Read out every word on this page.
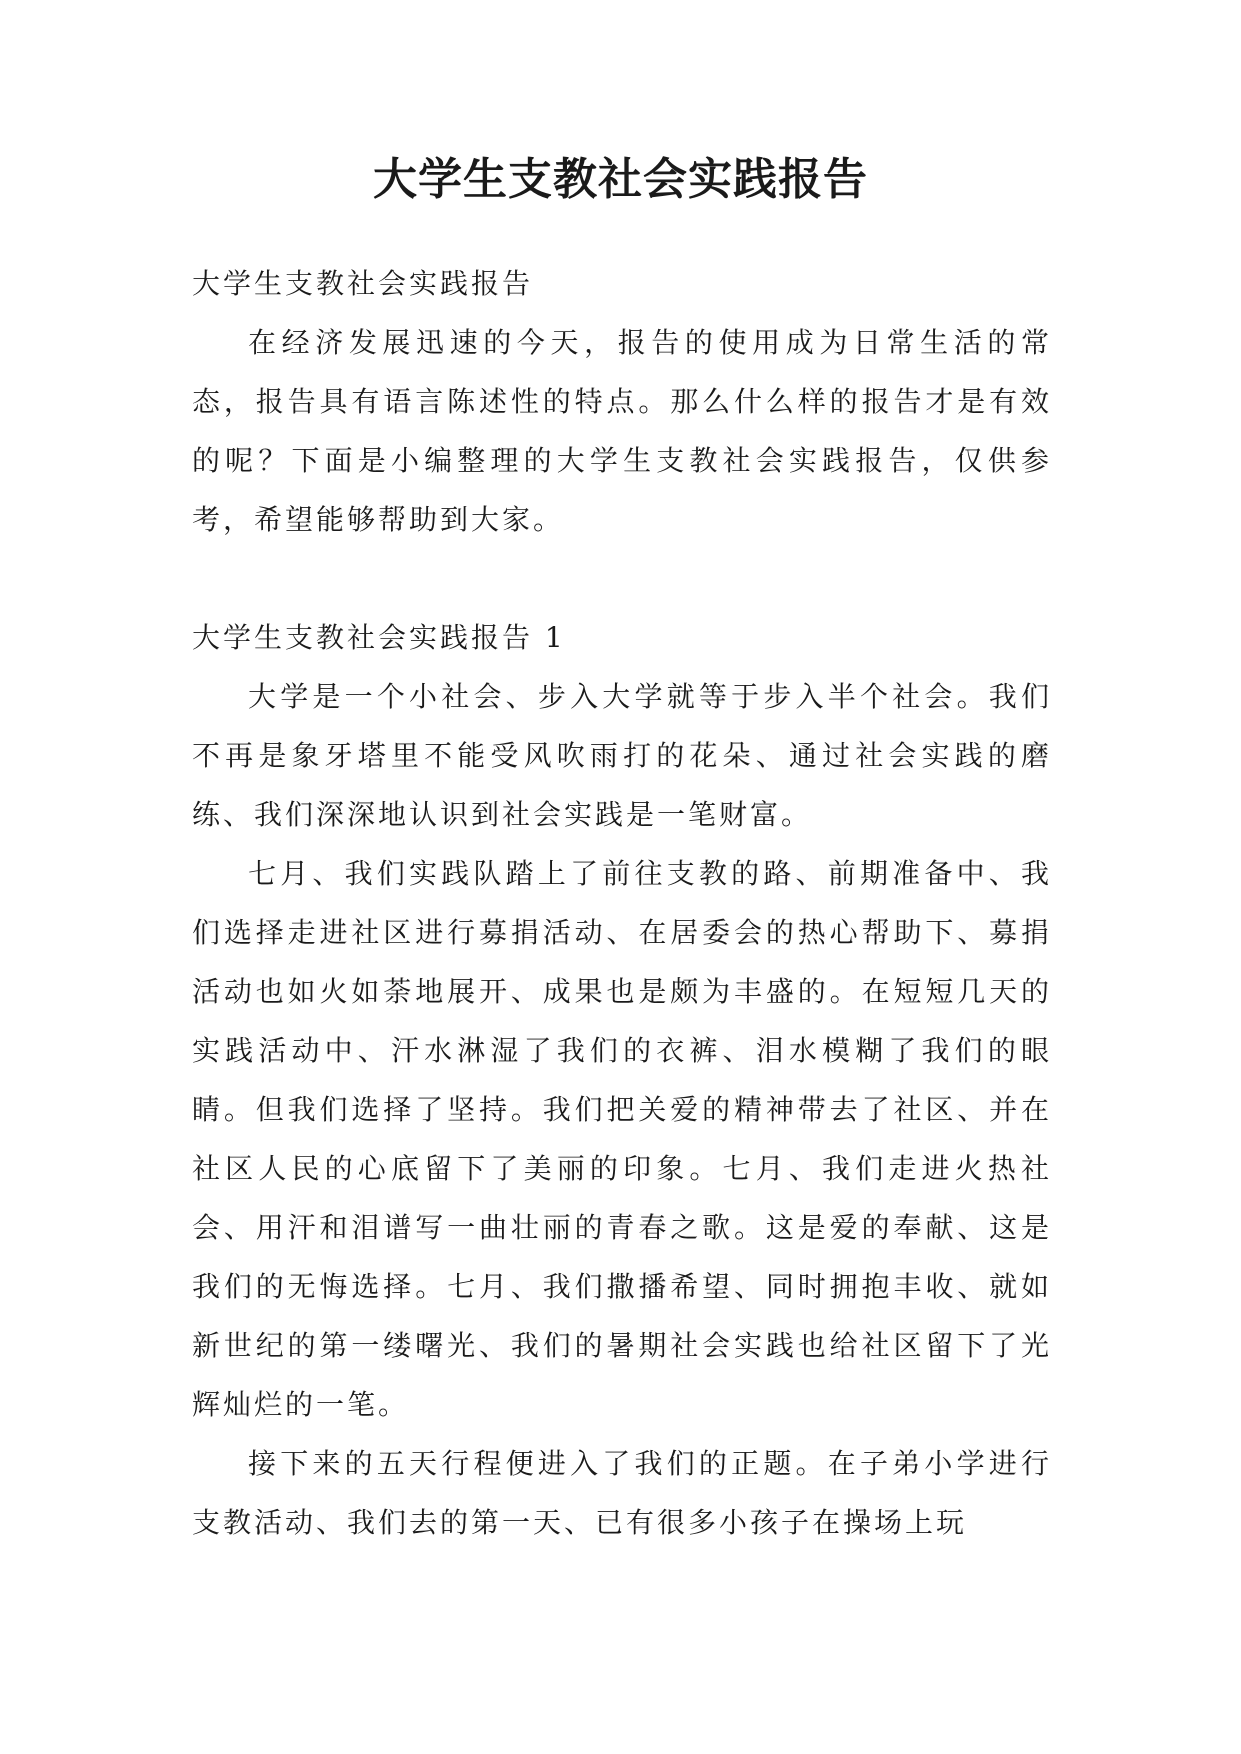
大学生支教社会实践报告

大学生支教社会实践报告

在经济发展迅速的今天，报告的使用成为日常生活的常态，报告具有语言陈述性的特点。那么什么样的报告才是有效的呢？下面是小编整理的大学生支教社会实践报告，仅供参考，希望能够帮助到大家。

大学生支教社会实践报告 1

大学是一个小社会、步入大学就等于步入半个社会。我们不再是象牙塔里不能受风吹雨打的花朵、通过社会实践的磨练、我们深深地认识到社会实践是一笔财富。

七月、我们实践队踏上了前往支教的路、前期准备中、我们选择走进社区进行募捐活动、在居委会的热心帮助下、募捐活动也如火如荼地展开、成果也是颇为丰盛的。在短短几天的实践活动中、汗水淋湿了我们的衣裤、泪水模糊了我们的眼睛。但我们选择了坚持。我们把关爱的精神带去了社区、并在社区人民的心底留下了美丽的印象。七月、我们走进火热社会、用汗和泪谱写一曲壮丽的青春之歌。这是爱的奉献、这是我们的无悔选择。七月、我们撒播希望、同时拥抱丰收、就如新世纪的第一缕曙光、我们的暑期社会实践也给社区留下了光辉灿烂的一笔。

接下来的五天行程便进入了我们的正题。在子弟小学进行支教活动、我们去的第一天、已有很多小孩子在操场上玩
